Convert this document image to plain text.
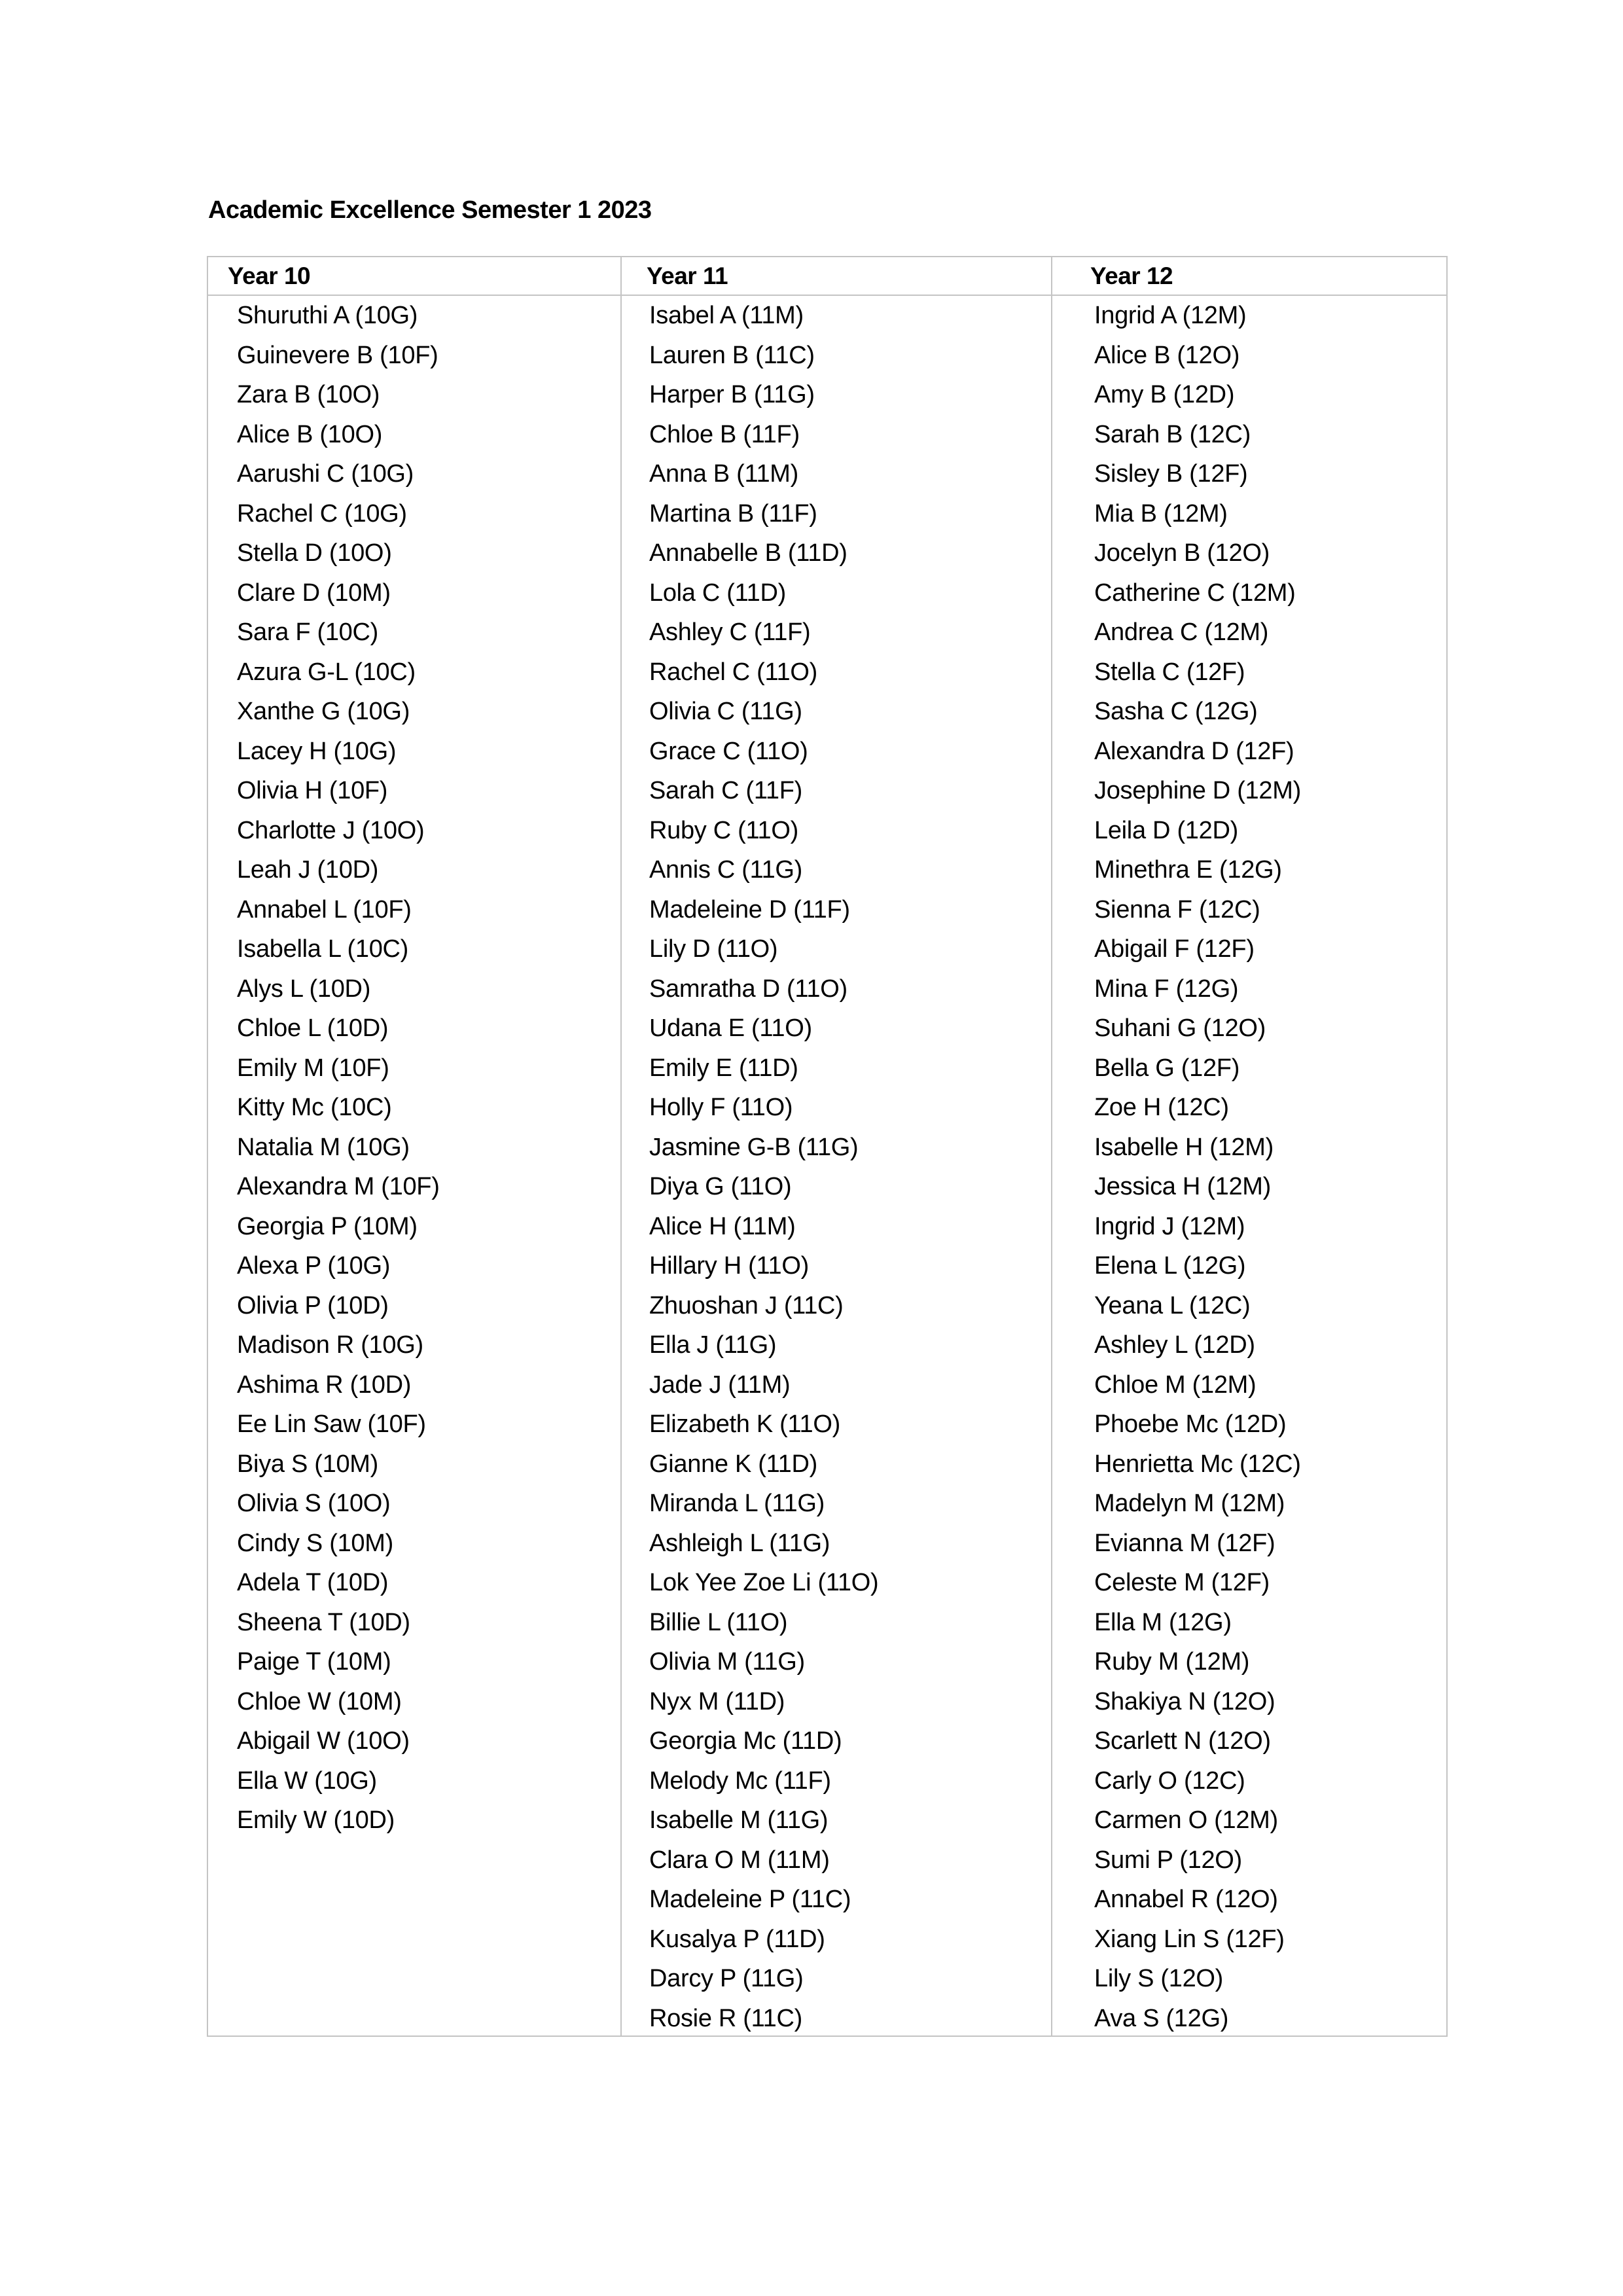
Academic Excellence Semester 1 2023
Year 10	Year 11	Year 12
Shuruthi A (10G)
Guinevere B (10F)
Zara B (10O)
Alice B (10O)
Aarushi C (10G)
Rachel C (10G)
Stella D (10O)
Clare D (10M)
Sara F (10C)
Azura G-L (10C)
Xanthe G (10G)
Lacey H (10G)
Olivia H (10F)
Charlotte J (10O)
Leah J (10D)
Annabel L (10F)
Isabella L (10C)
Alys L (10D)
Chloe L (10D)
Emily M (10F)
Kitty Mc (10C)
Natalia M (10G)
Alexandra M (10F)
Georgia P (10M)
Alexa P (10G)
Olivia P (10D)
Madison R (10G)
Ashima R (10D)
Ee Lin Saw (10F)
Biya S (10M)
Olivia S (10O)
Cindy S (10M)
Adela T (10D)
Sheena T (10D)
Paige T (10M)
Chloe W (10M)
Abigail W (10O)
Ella W (10G)
Emily W (10D)
Isabel A (11M)
Lauren B (11C)
Harper B (11G)
Chloe B (11F)
Anna B (11M)
Martina B (11F)
Annabelle B (11D)
Lola C (11D)
Ashley C (11F)
Rachel C (11O)
Olivia C (11G)
Grace C (11O)
Sarah C (11F)
Ruby C (11O)
Annis C (11G)
Madeleine D (11F)
Lily D (11O)
Samratha D (11O)
Udana E (11O)
Emily E (11D)
Holly F (11O)
Jasmine G-B (11G)
Diya G (11O)
Alice H (11M)
Hillary H (11O)
Zhuoshan J (11C)
Ella J (11G)
Jade J (11M)
Elizabeth K (11O)
Gianne K (11D)
Miranda L (11G)
Ashleigh L (11G)
Lok Yee Zoe Li (11O)
Billie L (11O)
Olivia M (11G)
Nyx M (11D)
Georgia Mc (11D)
Melody Mc (11F)
Isabelle M (11G)
Clara O M (11M)
Madeleine P (11C)
Kusalya P (11D)
Darcy P (11G)
Rosie R (11C)
Ingrid A (12M)
Alice B (12O)
Amy B (12D)
Sarah B (12C)
Sisley B (12F)
Mia B (12M)
Jocelyn B (12O)
Catherine C (12M)
Andrea C (12M)
Stella C (12F)
Sasha C (12G)
Alexandra D (12F)
Josephine D (12M)
Leila D (12D)
Minethra E (12G)
Sienna F (12C)
Abigail F (12F)
Mina F (12G)
Suhani G (12O)
Bella G (12F)
Zoe H (12C)
Isabelle H (12M)
Jessica H (12M)
Ingrid J (12M)
Elena L (12G)
Yeana L (12C)
Ashley L (12D)
Chloe M (12M)
Phoebe Mc (12D)
Henrietta Mc (12C)
Madelyn M (12M)
Evianna M (12F)
Celeste M (12F)
Ella M (12G)
Ruby M (12M)
Shakiya N (12O)
Scarlett N (12O)
Carly O (12C)
Carmen O (12M)
Sumi P (12O)
Annabel R (12O)
Xiang Lin S (12F)
Lily S (12O)
Ava S (12G)
